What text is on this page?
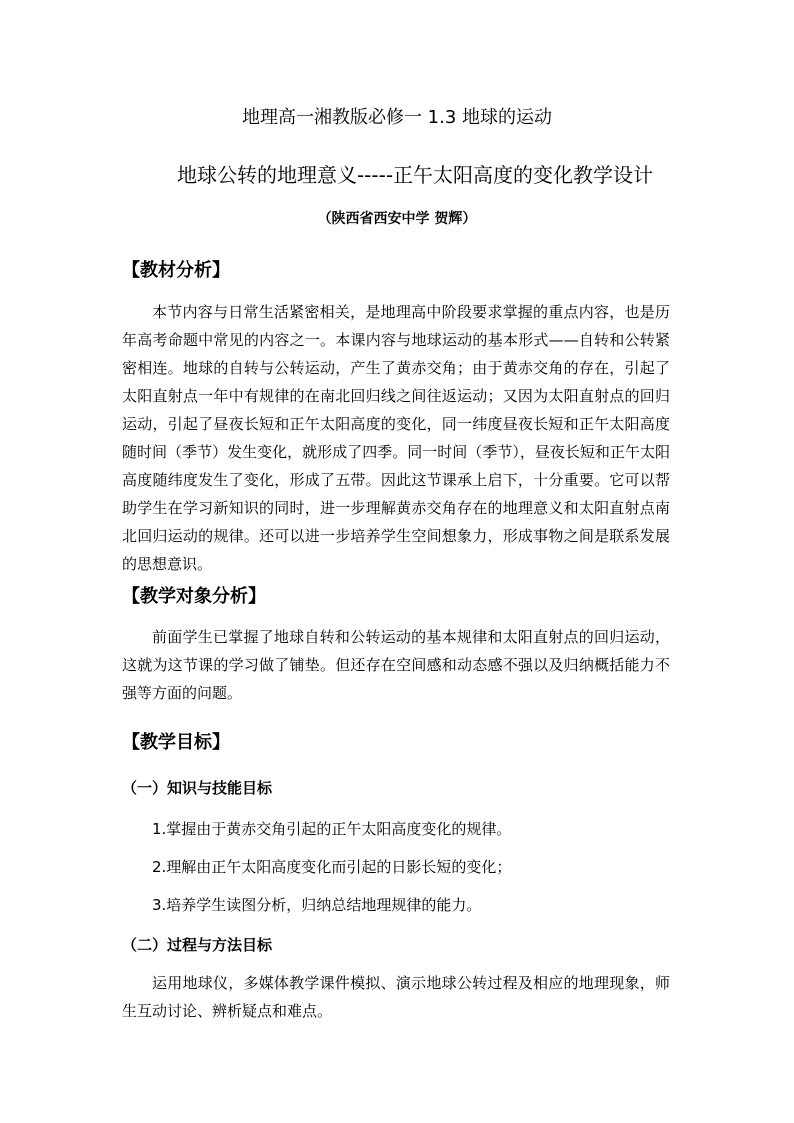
地理高一湘教版必修一 1.3 地球的运动
地球公转的地理意义-----正午太阳高度的变化教学设计
（陕西省西安中学 贺辉）
【教材分析】
本节内容与日常生活紧密相关，是地理高中阶段要求掌握的重点内容，也是历年高考命题中常见的内容之一。本课内容与地球运动的基本形式——自转和公转紧密相连。地球的自转与公转运动，产生了黄赤交角；由于黄赤交角的存在，引起了太阳直射点一年中有规律的在南北回归线之间往返运动；又因为太阳直射点的回归运动，引起了昼夜长短和正午太阳高度的变化，同一纬度昼夜长短和正午太阳高度随时间（季节）发生变化，就形成了四季。同一时间（季节），昼夜长短和正午太阳高度随纬度发生了变化，形成了五带。因此这节课承上启下，十分重要。它可以帮助学生在学习新知识的同时，进一步理解黄赤交角存在的地理意义和太阳直射点南北回归运动的规律。还可以进一步培养学生空间想象力，形成事物之间是联系发展的思想意识。
【教学对象分析】
前面学生已掌握了地球自转和公转运动的基本规律和太阳直射点的回归运动，这就为这节课的学习做了铺垫。但还存在空间感和动态感不强以及归纳概括能力不强等方面的问题。
【教学目标】
（一）知识与技能目标
1.掌握由于黄赤交角引起的正午太阳高度变化的规律。
2.理解由正午太阳高度变化而引起的日影长短的变化；
3.培养学生读图分析，归纳总结地理规律的能力。
（二）过程与方法目标
运用地球仪，多媒体教学课件模拟、演示地球公转过程及相应的地理现象，师生互动讨论、辨析疑点和难点。
